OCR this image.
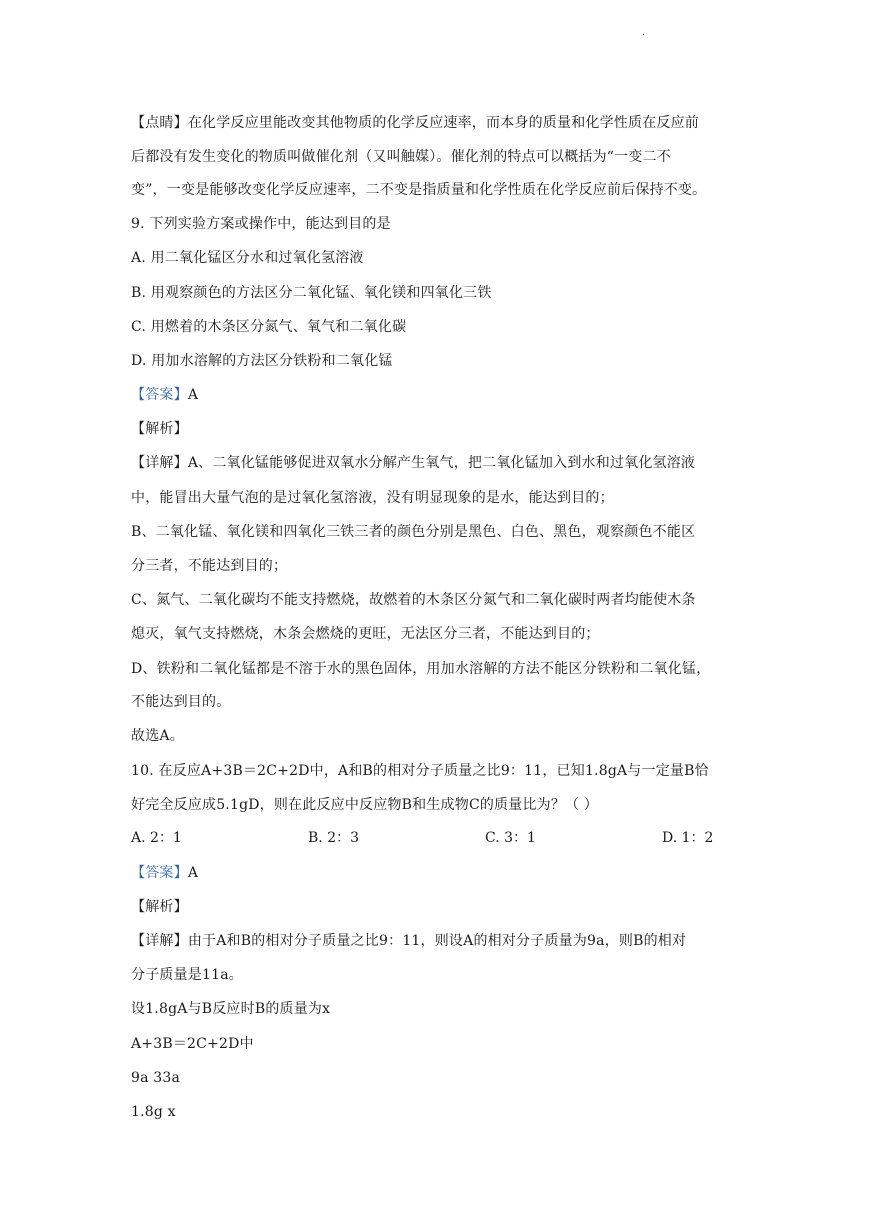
·
【点睛】在化学反应里能改变其他物质的化学反应速率，而本身的质量和化学性质在反应前
后都没有发生变化的物质叫做催化剂（又叫触媒）。催化剂的特点可以概括为“一变二不
变”，一变是能够改变化学反应速率，二不变是指质量和化学性质在化学反应前后保持不变。
9. 下列实验方案或操作中，能达到目的是
A. 用二氧化锰区分水和过氧化氢溶液
B. 用观察颜色的方法区分二氧化锰、氧化镁和四氧化三铁
C. 用燃着的木条区分氮气、氧气和二氧化碳
D. 用加水溶解的方法区分铁粉和二氧化锰
【答案】A
【解析】
【详解】A、二氧化锰能够促进双氧水分解产生氧气，把二氧化锰加入到水和过氧化氢溶液
中，能冒出大量气泡的是过氧化氢溶液，没有明显现象的是水，能达到目的；
B、二氧化锰、氧化镁和四氧化三铁三者的颜色分别是黑色、白色、黑色，观察颜色不能区
分三者，不能达到目的；
C、氮气、二氧化碳均不能支持燃烧，故燃着的木条区分氮气和二氧化碳时两者均能使木条
熄灭，氧气支持燃烧，木条会燃烧的更旺，无法区分三者，不能达到目的；
D、铁粉和二氧化锰都是不溶于水的黑色固体，用加水溶解的方法不能区分铁粉和二氧化锰，
不能达到目的。
故选A。
10. 在反应A+3B＝2C+2D中，A和B的相对分子质量之比9：11，已知1.8gA与一定量B恰
好完全反应成5.1gD，则在此反应中反应物B和生成物C的质量比为？（ ）
A. 2：1	B. 2：3	C. 3：1	D. 1：2
【答案】A
【解析】
【详解】由于A和B的相对分子质量之比9：11，则设A的相对分子质量为9a，则B的相对
分子质量是11a。
设1.8gA与B反应时B的质量为x
A+3B＝2C+2D中
9a 33a
1.8g x
